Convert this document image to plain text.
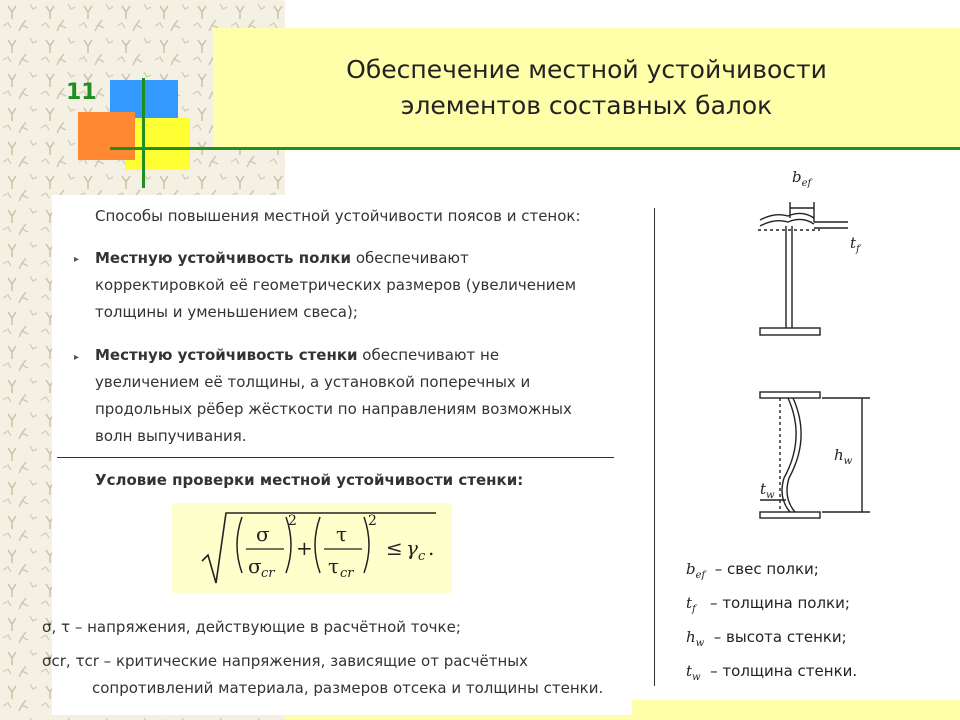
11
Обеспечение местной устойчивости
элементов составных балок
Способы повышения местной устойчивости поясов и стенок:
▸ Местную устойчивость полки обеспечивают
корректировкой её геометрических размеров (увеличением
толщины и уменьшением свеса);
▸ Местную устойчивость стенки обеспечивают не
увеличением её толщины, а установкой поперечных и
продольных рёбер жёсткости по направлениям возможных
волн выпучивания.
Условие проверки местной устойчивости стенки:
σ
σ cr
2
+
τ
τ cr
2
≤ γ c .
σ, τ – напряжения, действующие в расчётной точке;
σcr, τcr – критические напряжения, зависящие от расчётных
сопротивлений материала, размеров отсека и толщины стенки.
$b_{ef}$
$t_f$
$h_w$
$t_w$
$b_{ef}$ – свес полки;
$t_f$ – толщина полки;
$h_w$ – высота стенки;
$t_w$ – толщина стенки.
